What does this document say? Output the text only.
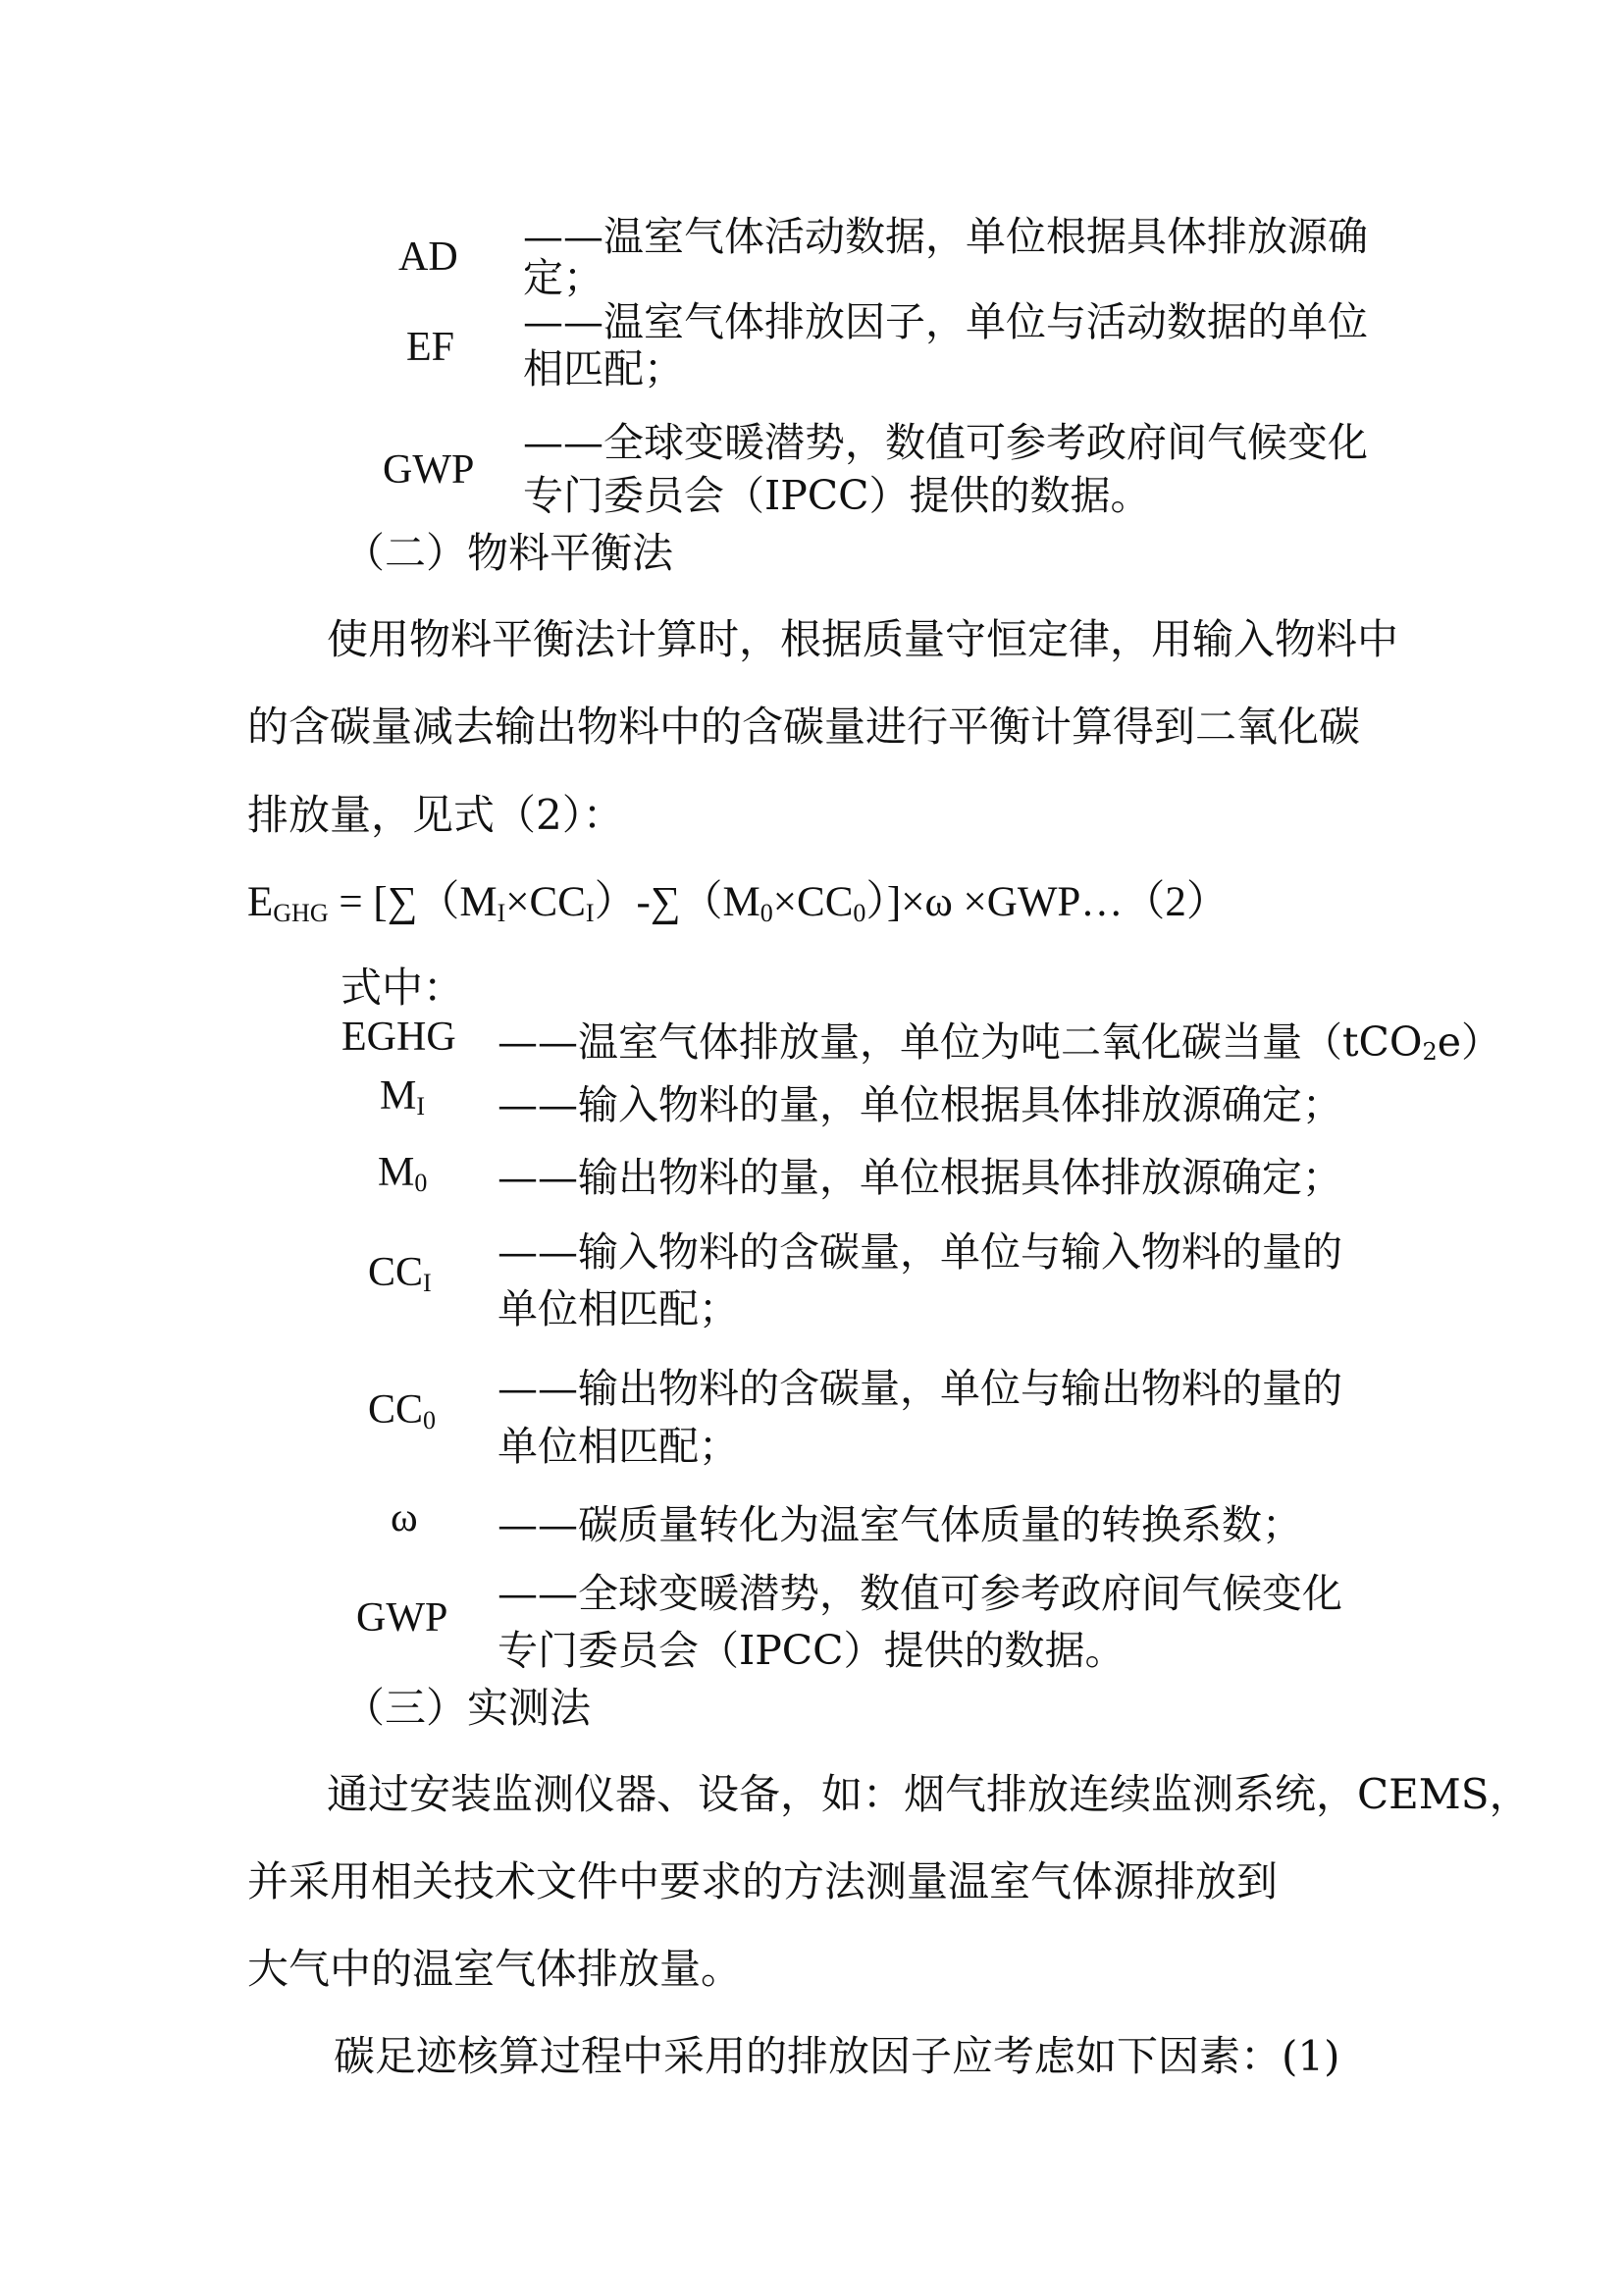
AD ——温室气体活动数据，单位根据具体排放源确
定；
EF
——温室气体排放因子，单位与活动数据的单位
相匹配；
GWP
——全球变暖潜势，数值可参考政府间气候变化
专门委员会（IPCC）提供的数据。
（二）物料平衡法
使用物料平衡法计算时，根据质量守恒定律，用输入物料中
的含碳量减去输出物料中的含碳量进行平衡计算得到二氧化碳
排放量，见式（2）：
$E_{GHG} = [\sum(M_I\times CC_I)-\sum(M_0\times CC_0)]\times\omega$ ×GWP…（2）
式中：
EGHG ——温室气体排放量，单位为吨二氧化碳当量（tCO2e）
$M_I$ ——输入物料的量，单位根据具体排放源确定；
$M_0$ ——输出物料的量，单位根据具体排放源确定；
$CC_I$
——输入物料的含碳量，单位与输入物料的量的
单位相匹配；
$CC_0$
——输出物料的含碳量，单位与输出物料的量的
单位相匹配；
ω ——碳质量转化为温室气体质量的转换系数；
GWP
——全球变暖潜势，数值可参考政府间气候变化
专门委员会（IPCC）提供的数据。
（三）实测法
通过安装监测仪器、设备，如：烟气排放连续监测系统，CEMS，
并采用相关技术文件中要求的方法测量温室气体源排放到
大气中的温室气体排放量。
碳足迹核算过程中采用的排放因子应考虑如下因素：(1)
